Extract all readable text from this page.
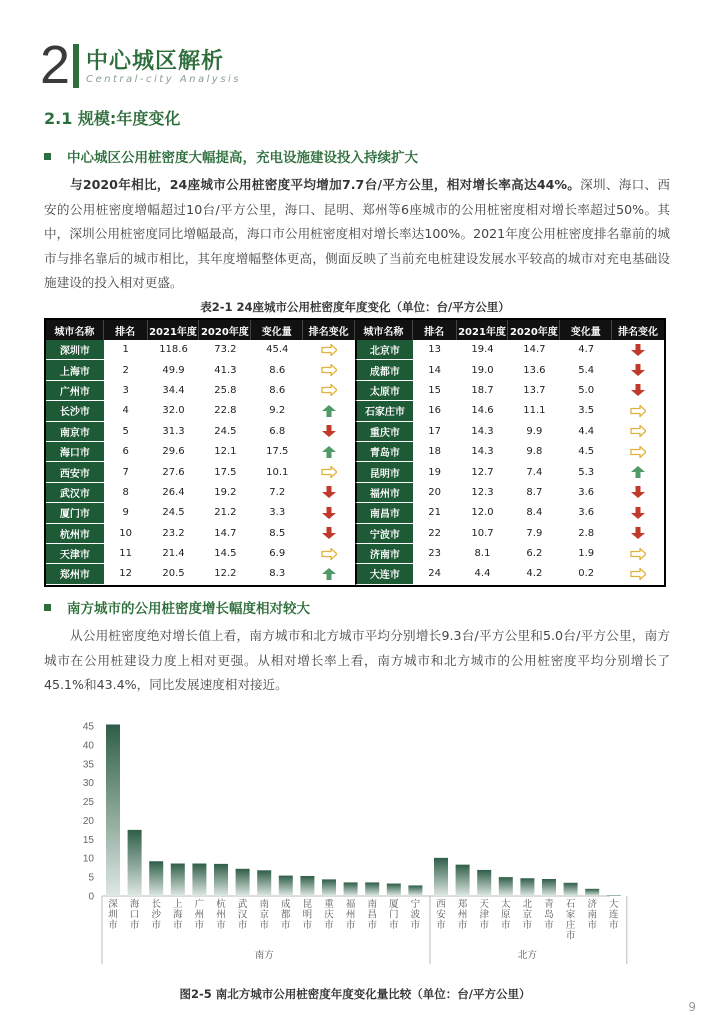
2 中心城区解析
Central-city Analysis
2.1 规模:年度变化
中心城区公用桩密度大幅提高，充电设施建设投入持续扩大
与2020年相比，24座城市公用桩密度平均增加7.7台/平方公里，相对增长率高达44%。深圳、海口、西安的公用桩密度增幅超过10台/平方公里，海口、昆明、郑州等6座城市的公用桩密度相对增长率超过50%。其中，深圳公用桩密度同比增幅最高，海口市公用桩密度相对增长率达100%。2021年度公用桩密度排名靠前的城市与排名靠后的城市相比，其年度增幅整体更高，侧面反映了当前充电桩建设发展水平较高的城市对充电基础设施建设的投入相对更盛。
表2-1 24座城市公用桩密度年度变化（单位：台/平方公里）
城市名称	排名	2021年度	2020年度	变化量	排名变化	城市名称	排名	2021年度	2020年度	变化量	排名变化
深圳市	1	118.6	73.2	45.4		北京市	13	19.4	14.7	4.7	
上海市	2	49.9	41.3	8.6		成都市	14	19.0	13.6	5.4	
广州市	3	34.4	25.8	8.6		太原市	15	18.7	13.7	5.0	
长沙市	4	32.0	22.8	9.2		石家庄市	16	14.6	11.1	3.5	
南京市	5	31.3	24.5	6.8		重庆市	17	14.3	9.9	4.4	
海口市	6	29.6	12.1	17.5		青岛市	18	14.3	9.8	4.5	
西安市	7	27.6	17.5	10.1		昆明市	19	12.7	7.4	5.3	
武汉市	8	26.4	19.2	7.2		福州市	20	12.3	8.7	3.6	
厦门市	9	24.5	21.2	3.3		南昌市	21	12.0	8.4	3.6	
杭州市	10	23.2	14.7	8.5		宁波市	22	10.7	7.9	2.8	
天津市	11	21.4	14.5	6.9		济南市	23	8.1	6.2	1.9	
郑州市	12	20.5	12.2	8.3		大连市	24	4.4	4.2	0.2	
南方城市的公用桩密度增长幅度相对较大
从公用桩密度绝对增长值上看，南方城市和北方城市平均分别增长9.3台/平方公里和5.0台/平方公里，南方城市在公用桩建设力度上相对更强。从相对增长率上看，南方城市和北方城市的公用桩密度平均分别增长了45.1%和43.4%，同比发展速度相对接近。
0
5
10
15
20
25
30
35
40
45
深
圳
市
海
口
市
长
沙
市
上
海
市
广
州
市
杭
州
市
武
汉
市
南
京
市
成
都
市
昆
明
市
重
庆
市
福
州
市
南
昌
市
厦
门
市
宁
波
市
南方
西
安
市
郑
州
市
天
津
市
太
原
市
北
京
市
青
岛
市
石
家
庄
市
济
南
市
大
连
市
北方
图2-5 南北方城市公用桩密度年度变化量比较（单位：台/平方公里）
9
